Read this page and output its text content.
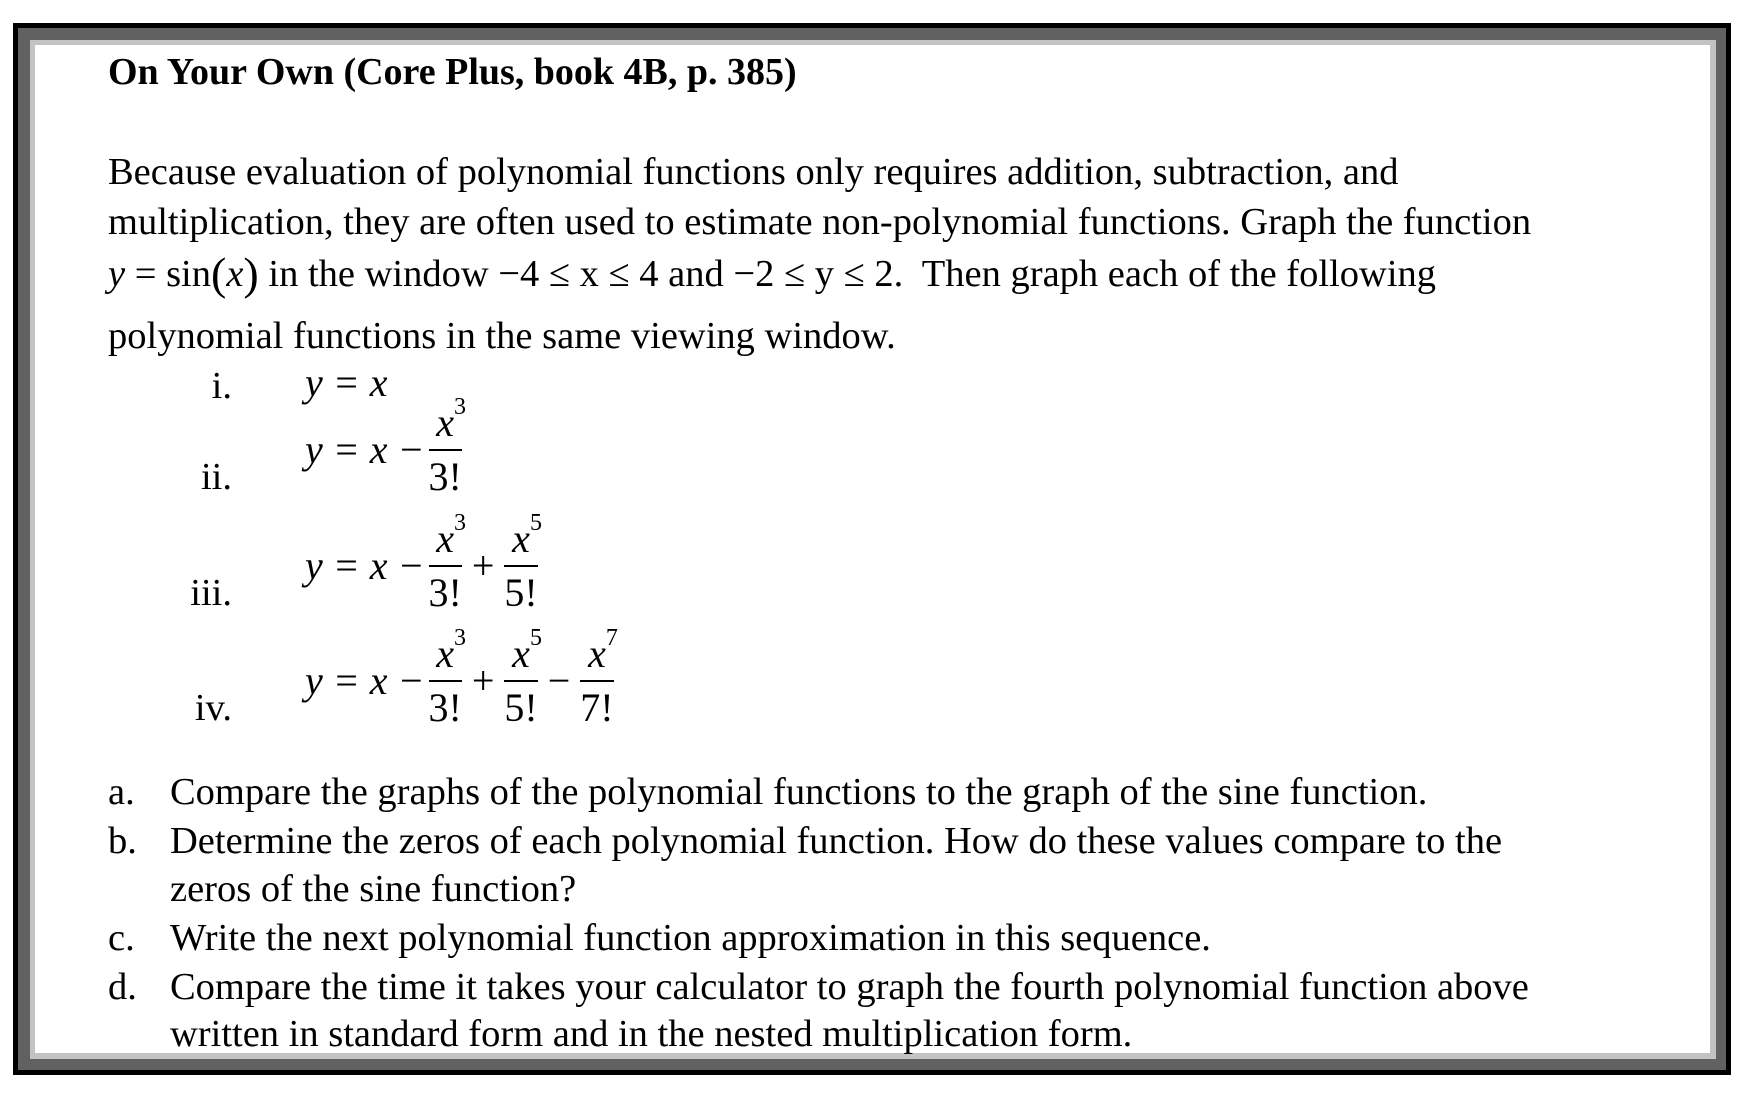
On Your Own (Core Plus, book 4B, p. 385)
Because evaluation of polynomial functions only requires addition, subtraction, and
multiplication, they are often used to estimate non-polynomial functions. Graph the function
y = sin(x) in the window −4 ≤ x ≤ 4 and −2 ≤ y ≤ 2.  Then graph each of the following
polynomial functions in the same viewing window.
i. y = x
ii.
$y = x - \frac{x 3}{3!}$
iii.
$y = x - \frac{x 3}{3!} + \frac{x 5}{5!}$
iv.
$y = x - \frac{x 3}{3!} + \frac{x 5}{5!} - \frac{x 7}{7!}$
a. Compare the graphs of the polynomial functions to the graph of the sine function.
b. Determine the zeros of each polynomial function. How do these values compare to the
zeros of the sine function?
c. Write the next polynomial function approximation in this sequence.
d. Compare the time it takes your calculator to graph the fourth polynomial function above
written in standard form and in the nested multiplication form.
